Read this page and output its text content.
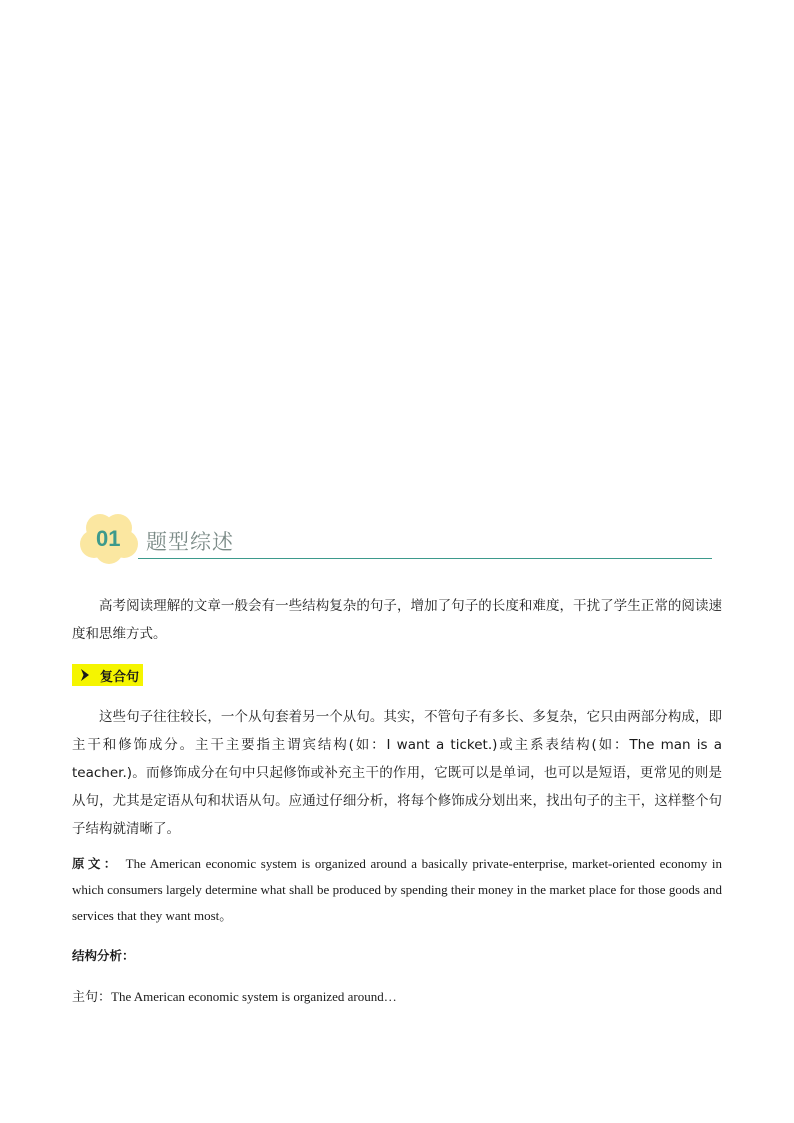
01 题型综述

高考阅读理解的文章一般会有一些结构复杂的句子，增加了句子的长度和难度，干扰了学生正常的阅读速度和思维方式。

复合句

这些句子往往较长，一个从句套着另一个从句。其实，不管句子有多长、多复杂，它只由两部分构成，即主干和修饰成分。主干主要指主谓宾结构(如：I want a ticket.)或主系表结构(如：The man is a teacher.)。而修饰成分在句中只起修饰或补充主干的作用，它既可以是单词，也可以是短语，更常见的则是从句，尤其是定语从句和状语从句。应通过仔细分析，将每个修饰成分划出来，找出句子的主干，这样整个句子结构就清晰了。

原文： The American economic system is organized around a basically private-enterprise, market-oriented economy in which consumers largely determine what shall be produced by spending their money in the market place for those goods and services that they want most。

结构分析：

主句：The American economic system is organized around…
